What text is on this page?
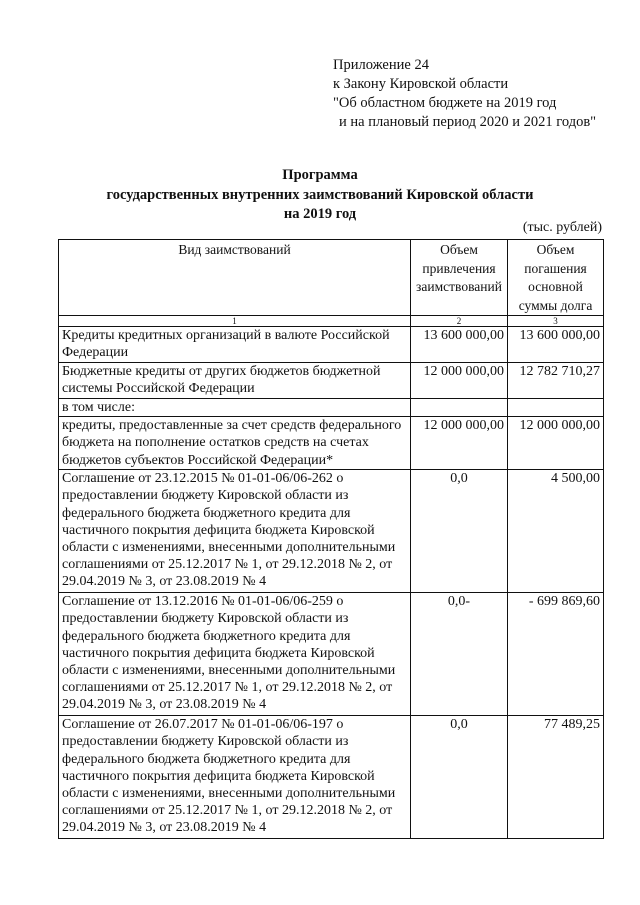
Приложение 24
к Закону Кировской области
"Об областном бюджете на 2019 год
и на плановый период 2020 и 2021 годов"
Программа
государственных внутренних заимствований Кировской области
на 2019 год
(тыс. рублей)
Вид заимствований	Объем привлечения заимствований	Объем погашения основной суммы долга
1	2	3
Кредиты кредитных организаций в валюте Российской Федерации	13 600 000,00	13 600 000,00
Бюджетные кредиты от других бюджетов бюджетной системы Российской Федерации	12 000 000,00	12 782 710,27
в том числе:		
кредиты, предоставленные за счет средств федерального бюджета на пополнение остатков средств на счетах бюджетов субъектов Российской Федерации*	12 000 000,00	12 000 000,00
Соглашение от 23.12.2015 № 01-01-06/06-262 о предоставлении бюджету Кировской области из федерального бюджета бюджетного кредита для частичного покрытия дефицита бюджета Кировской области с изменениями, внесенными дополнительными соглашениями от 25.12.2017 № 1, от 29.12.2018 № 2, от 29.04.2019 № 3, от 23.08.2019 № 4	0,0	4 500,00
Соглашение от 13.12.2016 № 01-01-06/06-259 о предоставлении бюджету Кировской области из федерального бюджета бюджетного кредита для частичного покрытия дефицита бюджета Кировской области с изменениями, внесенными дополнительными соглашениями от 25.12.2017 № 1, от 29.12.2018 № 2, от 29.04.2019 № 3, от 23.08.2019 № 4	0,0-	- 699 869,60
Соглашение от 26.07.2017 № 01-01-06/06-197 о предоставлении бюджету Кировской области из федерального бюджета бюджетного кредита для частичного покрытия дефицита бюджета Кировской области с изменениями, внесенными дополнительными соглашениями от 25.12.2017 № 1, от 29.12.2018 № 2, от 29.04.2019 № 3, от 23.08.2019 № 4	0,0	77 489,25
